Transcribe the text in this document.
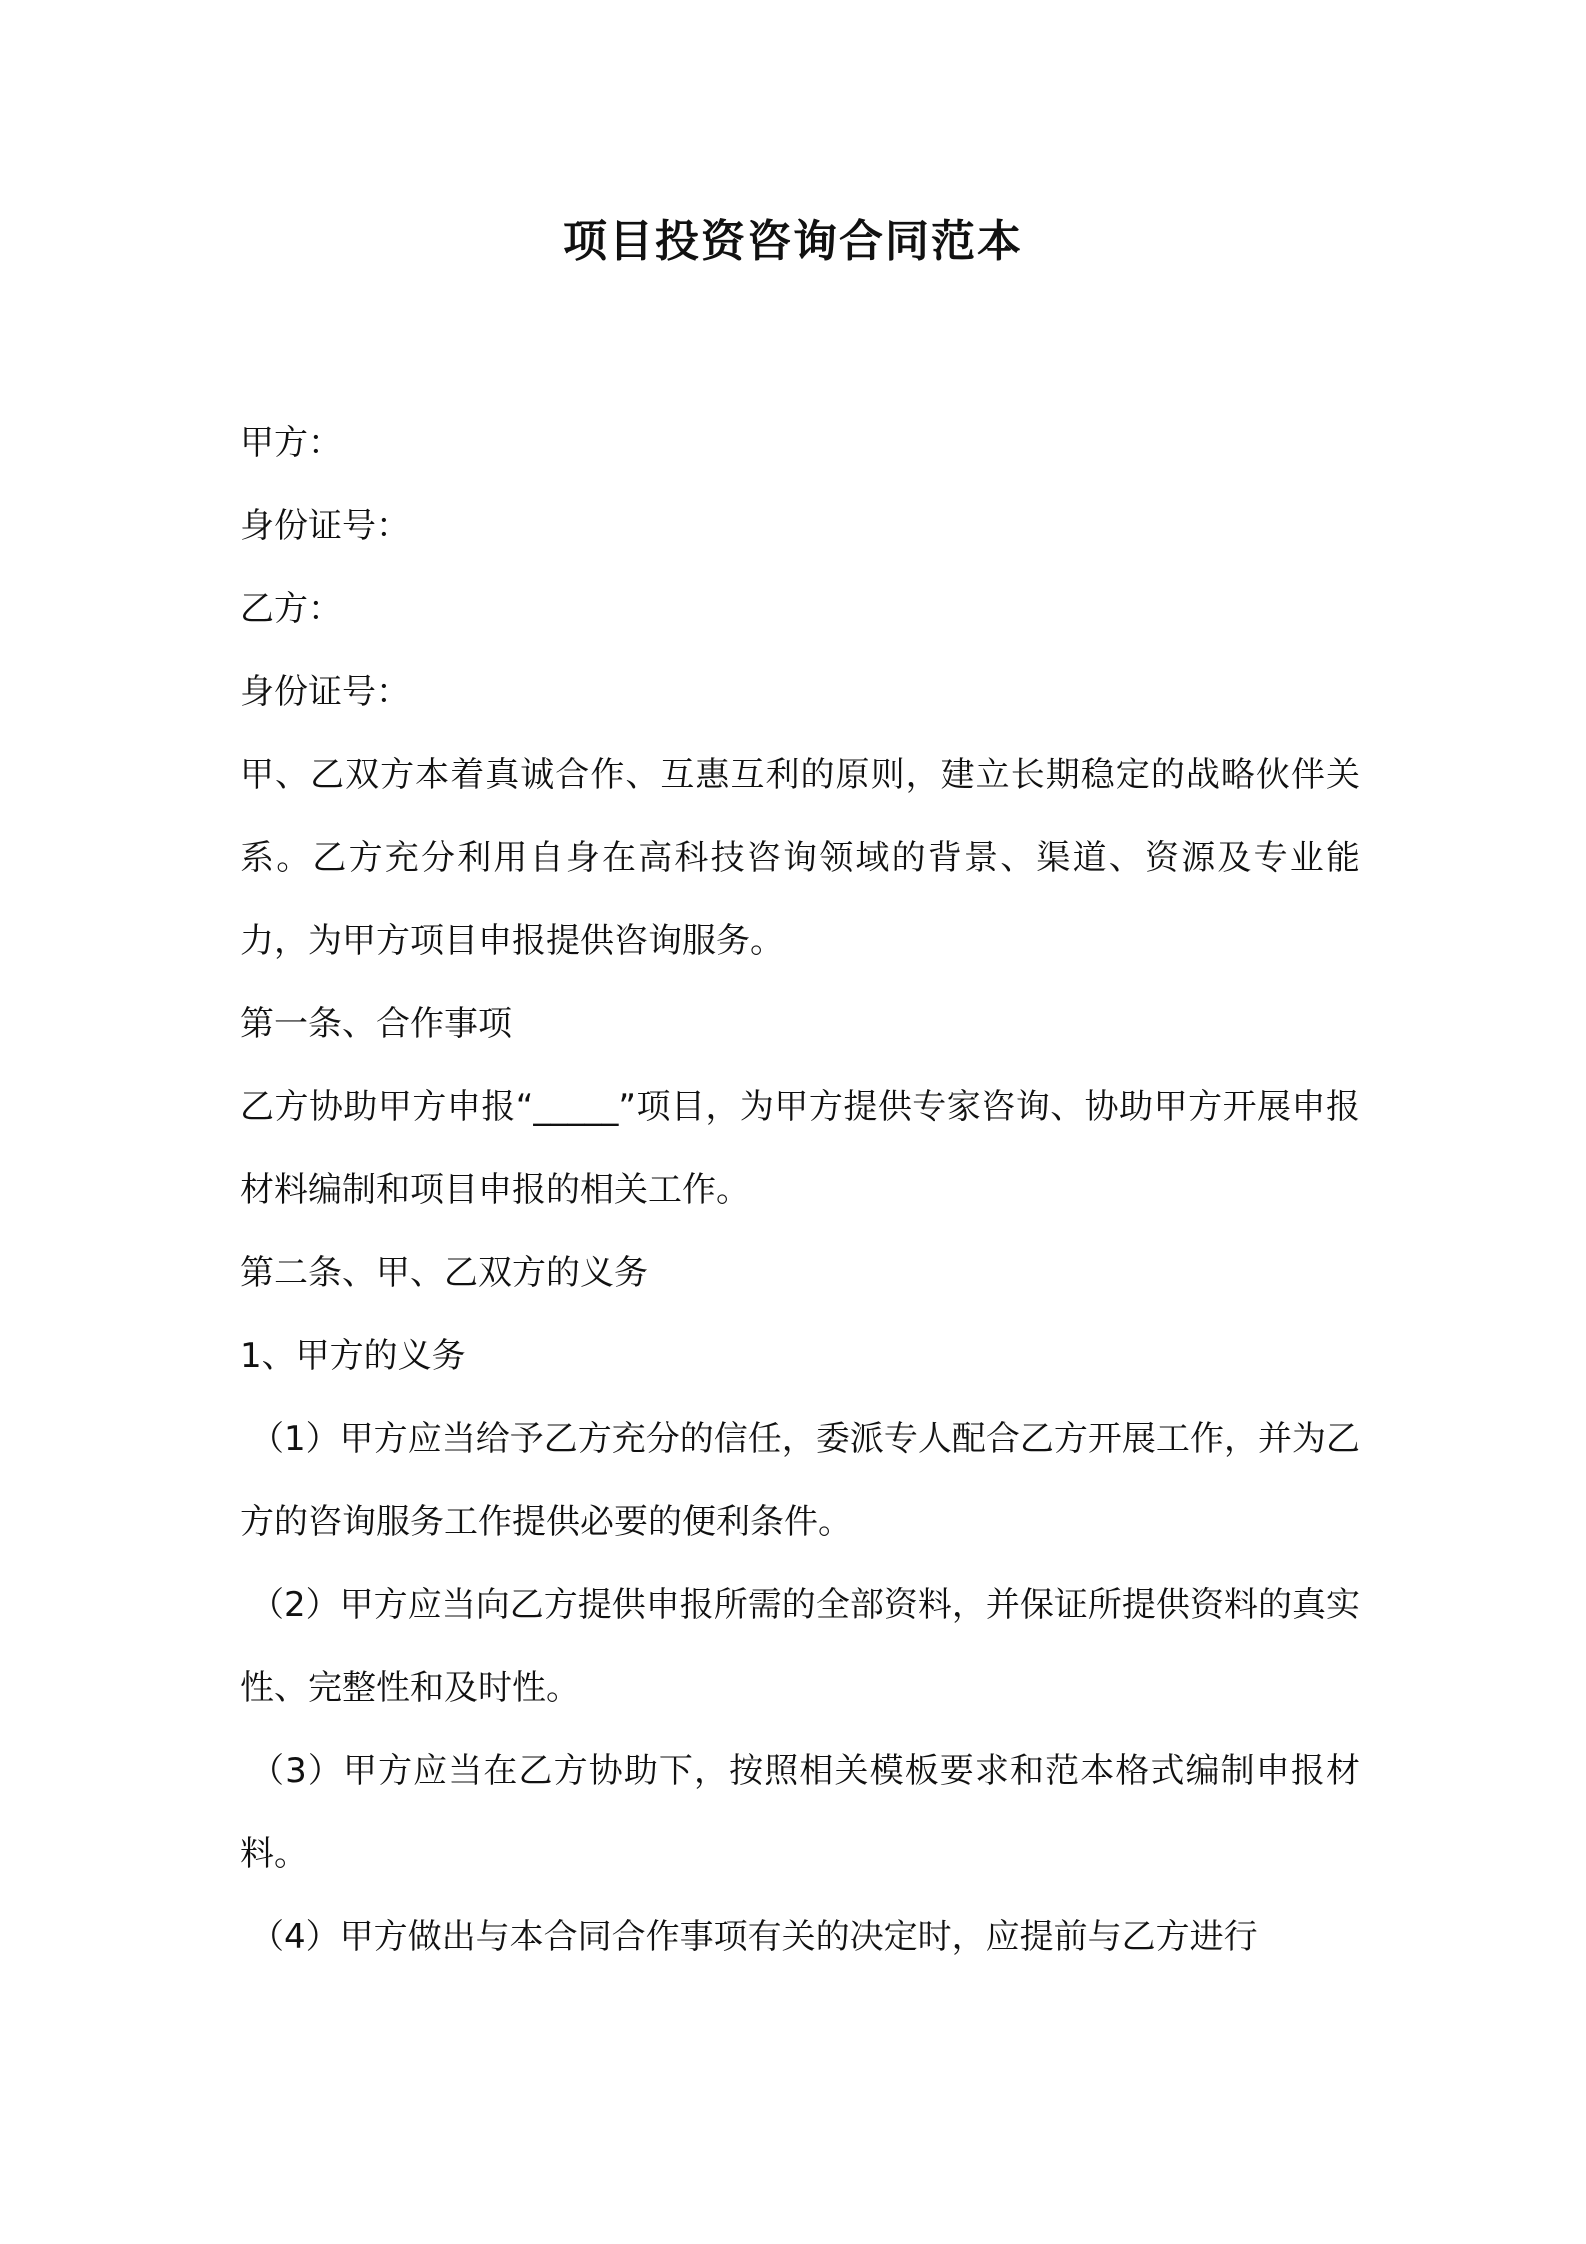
项目投资咨询合同范本

甲方：

身份证号：

乙方：

身份证号：

甲、乙双方本着真诚合作、互惠互利的原则，建立长期稳定的战略伙伴关系。乙方充分利用自身在高科技咨询领域的背景、渠道、资源及专业能力，为甲方项目申报提供咨询服务。

第一条、合作事项

乙方协助甲方申报“_____”项目，为甲方提供专家咨询、协助甲方开展申报材料编制和项目申报的相关工作。

第二条、甲、乙双方的义务

1、甲方的义务

（1）甲方应当给予乙方充分的信任，委派专人配合乙方开展工作，并为乙方的咨询服务工作提供必要的便利条件。

（2）甲方应当向乙方提供申报所需的全部资料，并保证所提供资料的真实性、完整性和及时性。

（3）甲方应当在乙方协助下，按照相关模板要求和范本格式编制申报材料。

（4）甲方做出与本合同合作事项有关的决定时，应提前与乙方进行
